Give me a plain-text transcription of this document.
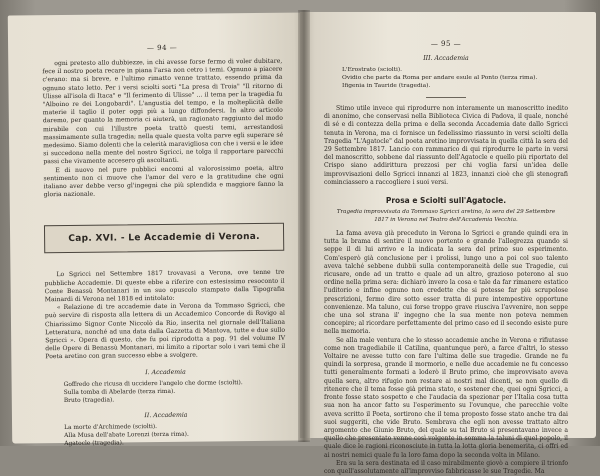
— 94 —

ogni pretesto allo dubbiezze, in chi avesse forse fermo di voler dubitare, fece il nostro poeta recare in piana l'arsa non cetro i temi. Ognuno a piacere c'erano: ma si breve, e l'ultimo rimatto venne trattato, essendo prima da ognuno stato letto. Per i versi sciolti sorti "La presa di Troia" "Il ritorno di Ulisse all'isola di Itaca" e "Il ferimento di Ulisse" ... il tema per la tragedia fu "Alboino re dei Longobardi". L'angustia del tempo, e la molteplicità delle materie il taglio il poter oggi più a lungo diffondersi. In altro articolo daremo, per quanto la memoria ci aiuterà, un ragionato raggiunto del modo mirabile con cui l'illustre poeta trattò questi temi, arrestandosi massimamente sulla tragedia; nella quale questa volta parve egli superare sé medesimo. Siamo dolenti che la celerità maravigliosa con che i versi e le idee si succedono nella mente del nostro Sgricci, ne tolga il rapportare parecchi passi che vivamente accesero gli ascoltanti.

E di nuovo nel pure pubblici encomi al valorosissimo poeta, altro sentimento non ci muove che l'amor del vero e la gratitudine che ogni italiano aver debbe verso gl'ingegni che più splendida e maggiore fanno la gloria nazionale.

Cap. XVI. - Le Accademie di Verona.

Lo Sgricci nel Settembre 1817 trovavasi a Verona, ove tenne tre pubbliche Accademie. Di queste ebbe a riferire con estesissimo resoconto il Conte Benassù Montanari in un suo opuscolo stampato dalla Tipografia Mainardi di Verona nel 1818 ed intitolato:

« Relazione di tre accademie date in Verona da Tommaso Sgricci, che può servire di risposta alla lettera di un Accademico Concorde di Rovigo al Chiarissimo Signor Conte Niccolò da Rio, inserita nel giornale dell'Italiana Letteratura, nonché ad una data dalla Gazzetta di Mantova, tutte e due sullo Sgricci ». Opera di questo, che fu poi riprodotta a pag. 91 del volume IV delle Opere di Benassù Montanari, mi limito a riportar solo i vari temi che il Poeta aretino con gran successo ebbe a svolgere.

I. Accademia
Goffredo che ricusa di uccidere l'angelo che dorme (sciolti).
Sulla tomba di Abelarde (terza rima).
Bruto (tragedia).
II. Accademia
La morte d'Archimede (sciolti).
Alla Musa dell'abate Lorenzi (terza rima).
Agatocle (tragedia).
— 95 —
III. Accademia
L'Erostrato (sciolti).
Ovidio che parte da Roma per andare esule al Ponto (terza rima).
Ifigenia in Tauride (tragedia).

Stimo utile invece qui riprodurre non interamente un manoscritto inedito di anonimo, che conservasi nella Biblioteca Civica di Padova, il quale, nonché di sé e di contezza della prima e della seconda Accademia date dallo Sgricci tenuta in Verona, ma ci fornisce un fedelissimo riassunto in versi sciolti della Tragedia "L'Agatocle" dal poeta aretino improvvisata in quella città la sera del 29 Settembre 1817. Lancio con rammarico di qui riprodurre le parte in versi del manoscritto, sobbene dal riassunto dell'Agatocle e quello più riportato del Crispo siano addirittura prezzosi per chi voglia farsi un'idea delle improvvisazioni dello Sgricci innanzi al 1823, innanzi cioè che gli stenografi cominciassero a raccogliere i suoi versi.

Prosa e Sciolti sull'Agatocle.
Tragedia improvvisata da Tommaso Sgricci aretino, la sera del 29 Settembre
1817 in Verona nel Teatro dell'Accademia Vecchia.

La fama aveva già preceduto in Verona lo Sgricci e grande quindi era in tutta la brama di sentire il nuovo portento e grande l'allegrezza quando si seppe il di lui arrivo e la indicata la sera del primo suo esperimento. Com'esperò già conclusione per i prolissi, lungo uno a poi col suo talento aveva talché sebbene dubbii sulla contemporaneità delle sue Tragedie, cui ricusare, onde ad un tratto e quale ad un altro, grazioso poterono al suo ordine nella prima sera: dichiarò invero la cosa e tale da far rimanere estatico l'uditorio e infine ognuno non credette che si potesse far più scrupolose prescrizioni, fermo dire sotto esser tratta di pure intempestive opportune convenienze. Ma taluno, cui forse troppo grave riusciva l'avvenire, non seppe che una sol strana il' ingegno che la sua mente non poteva nemmen concepire; al ricordare perfettamente del primo caso ed il secondo esiste pure nella memoria.

Se alla male ventura che lo stesso accademie anche in Verona e rifiutasse come non tragediabile il Catilina, quantunque però, a farce d'altri, lo stesso Voltaire ne avesse tutto con fare l'ultima delle sue tragedie. Grande ne fu quindi la sorpresa, grande il mormorio, e nelle due accademie ne fu concesso tutti generalmente formati a loderò il Bruto primo, che improvvisato aveva quella sera, altro rifugio non restare ai nostri mal dicenti, se non quello di ritenere che il tema fosse già prima stato, e sostener che, quei ogni Sgricci, a fronte fosse stato sospetto e che l'audacia da spezionar per l'Italia cosa tutta sua non ha ancor fatto su l'esperimento su l'ovunque, che parecchie volte aveva scritto il Poeta, sortirono che il tema proposto fosse stato anche tra dai suoi suggeriti, che vide Bruto. Sembrava che egli non avesse trattato altro argomento che Giunio Bruto, del quale su tal Bruto si presentavano invece a quello che presentato venne così volgente in somma la taluni di quel popolo, il quale dice le ragioni riconosciute in tutta la lotta gloria benemerita, ci offri ed ai nostri nemici quale fu la loro fama dopo la seconda volta in Milano.

Era su la sera destinata ed il caso mirabilmente giovò a compiere il trionfo con quell'assolutamente all'improvviso fabbricasse le sue Tragedie. Ma
